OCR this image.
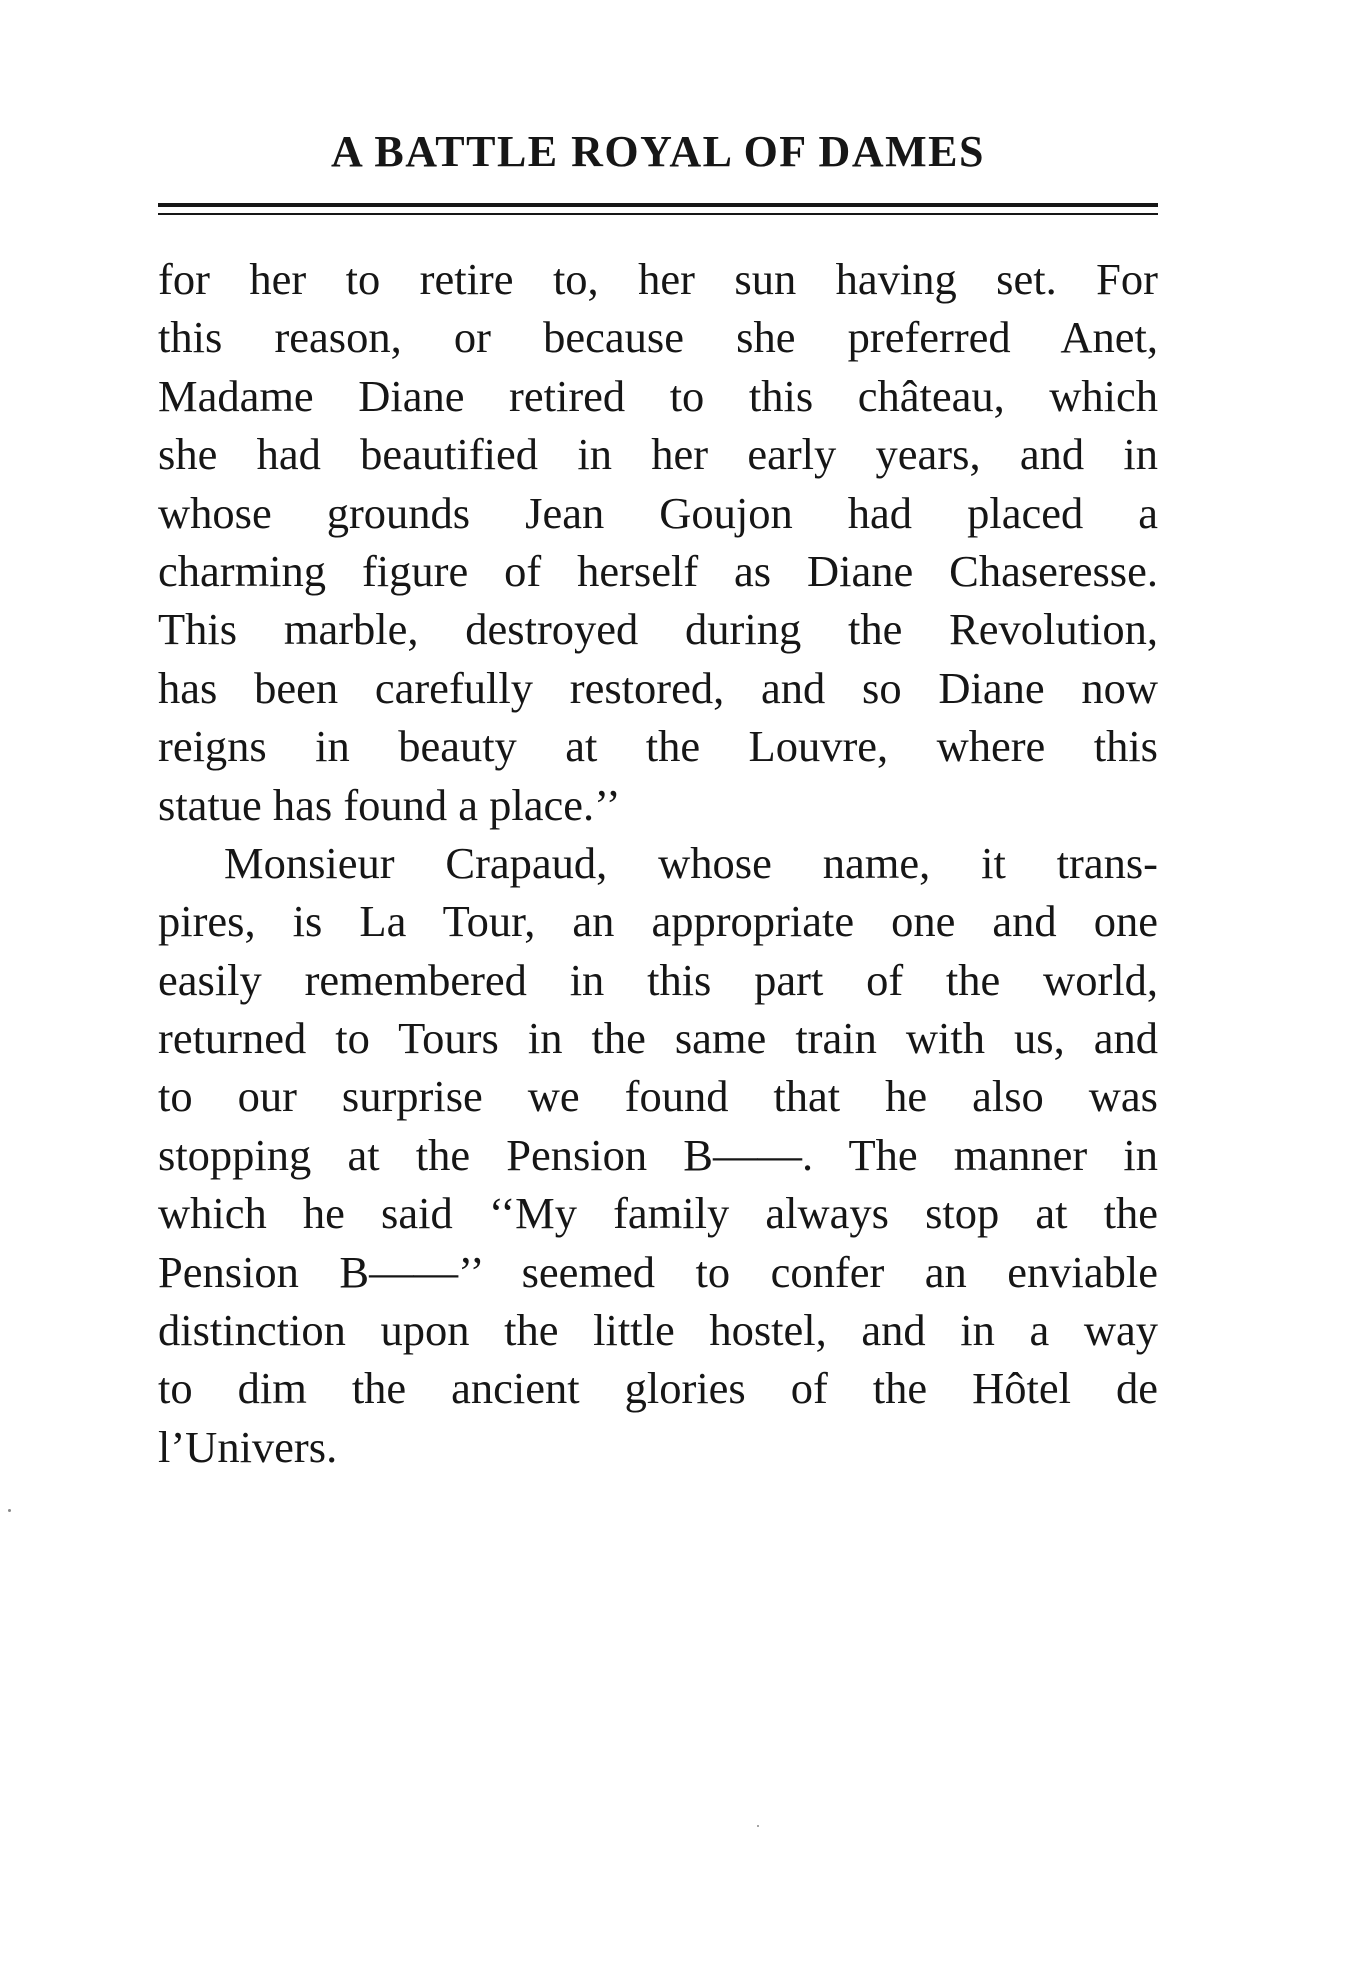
A BATTLE ROYAL OF DAMES
for her to retire to, her sun having set. For
this reason, or because she preferred Anet,
Madame Diane retired to this château, which
she had beautified in her early years, and in
whose grounds Jean Goujon had placed a
charming figure of herself as Diane Chaseresse.
This marble, destroyed during the Revolution,
has been carefully restored, and so Diane now
reigns in beauty at the Louvre, where this
statue has found a place.’’
Monsieur Crapaud, whose name, it trans-
pires, is La Tour, an appropriate one and one
easily remembered in this part of the world,
returned to Tours in the same train with us, and
to our surprise we found that he also was
stopping at the Pension B——. The manner in
which he said ‘‘My family always stop at the
Pension B——’’ seemed to confer an enviable
distinction upon the little hostel, and in a way
to dim the ancient glories of the Hôtel de
l’Univers.
